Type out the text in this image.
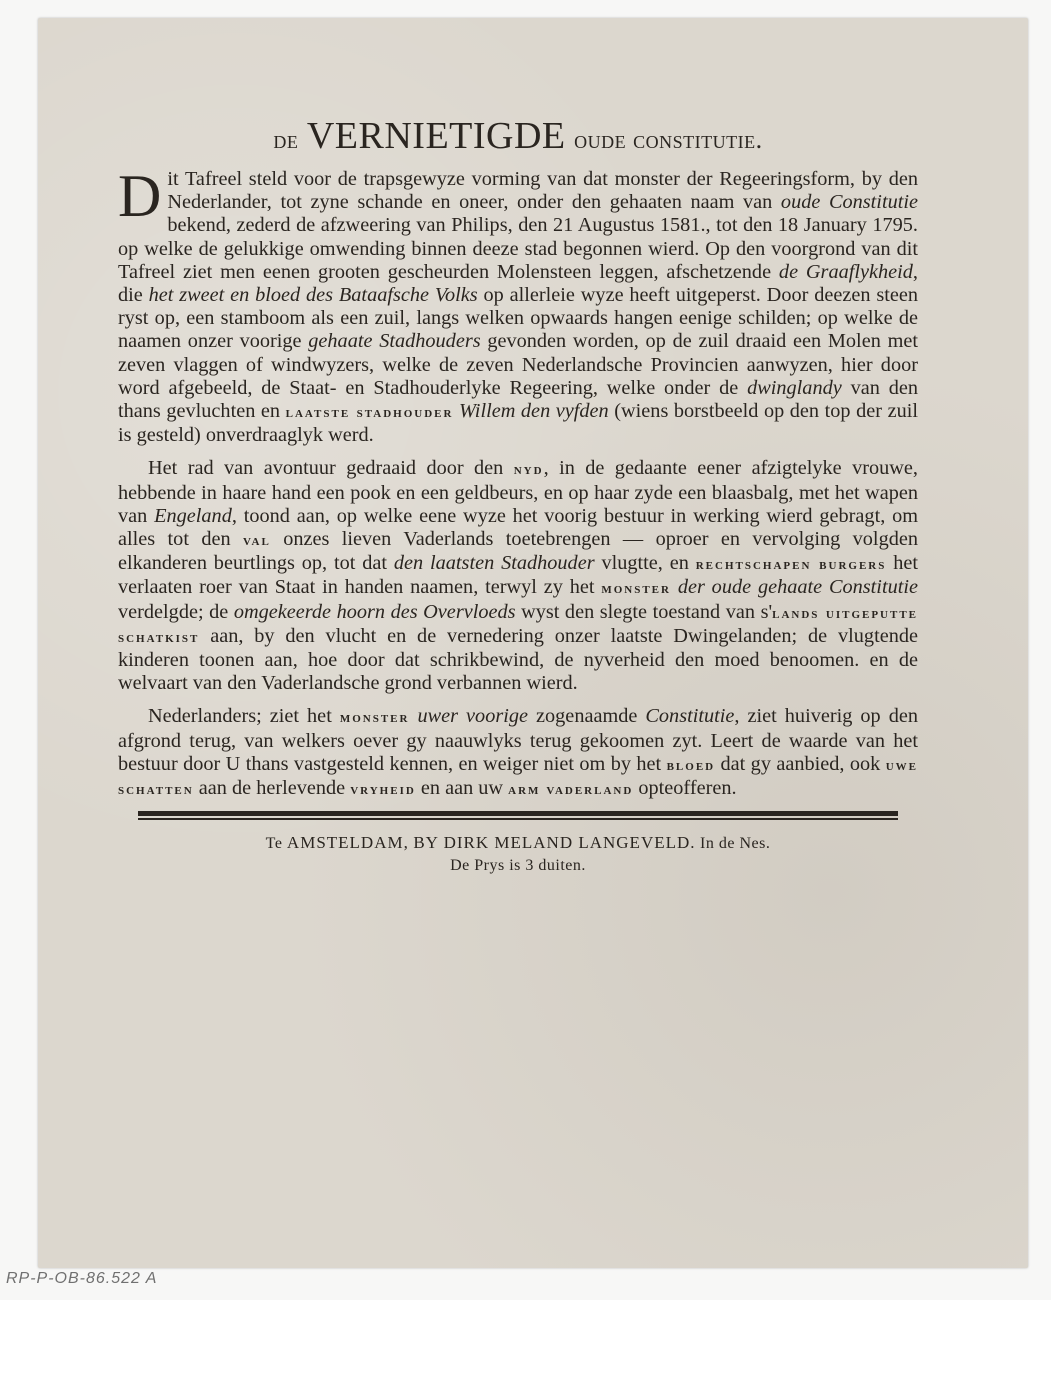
de VERNIETIGDE oude constitutie.

Dit Tafreel steld voor de trapsgewyze vorming van dat monster der Regeeringsform, by den Nederlander, tot zyne schande en oneer, onder den gehaaten naam van oude Constitutie bekend, zederd de afzweering van Philips, den 21 Augustus 1581., tot den 18 January 1795. op welke de gelukkige omwending binnen deeze stad begonnen wierd. Op den voorgrond van dit Tafreel ziet men eenen grooten gescheurden Molensteen leggen, afschetzende de Graaflykheid, die het zweet en bloed des Bataafsche Volks op allerleie wyze heeft uitgeperst. Door deezen steen ryst op, een stamboom als een zuil, langs welken opwaards hangen eenige schilden; op welke de naamen onzer voorige gehaate Stadhouders gevonden worden, op de zuil draaid een Molen met zeven vlaggen of windwyzers, welke de zeven Nederlandsche Provincien aanwyzen, hier door word afgebeeld, de Staat- en Stadhouderlyke Regeering, welke onder de dwinglandy van den thans gevluchten en laatste stadhouder Willem den vyfden (wiens borstbeeld op den top der zuil is gesteld) onverdraaglyk werd.

Het rad van avontuur gedraaid door den nyd, in de gedaante eener afzigtelyke vrouwe, hebbende in haare hand een pook en een geldbeurs, en op haar zyde een blaasbalg, met het wapen van Engeland, toond aan, op welke eene wyze het voorig bestuur in werking wierd gebragt, om alles tot den val onzes lieven Vaderlands toetebrengen — oproer en vervolging volgden elkanderen beurtlings op, tot dat den laatsten Stadhouder vlugtte, en rechtschapen burgers het verlaaten roer van Staat in handen naamen, terwyl zy het monster der oude gehaate Constitutie verdelgde; de omgekeerde hoorn des Overvloeds wyst den slegte toestand van s'lands uitgeputte schatkist aan, by den vlucht en de vernedering onzer laatste Dwingelanden; de vlugtende kinderen toonen aan, hoe door dat schrikbewind, de nyverheid den moed benoomen. en de welvaart van den Vaderlandsche grond verbannen wierd.

Nederlanders; ziet het monster uwer voorige zogenaamde Constitutie, ziet huiverig op den afgrond terug, van welkers oever gy naauwlyks terug gekoomen zyt. Leert de waarde van het bestuur door U thans vastgesteld kennen, en weiger niet om by het bloed dat gy aanbied, ook uwe schatten aan de herlevende vryheid en aan uw arm vaderland opteofferen.

Te AMSTELDAM, BY DIRK MELAND LANGEVELD. In de Nes.

De Prys is 3 duiten.

RP-P-OB-86.522 A
